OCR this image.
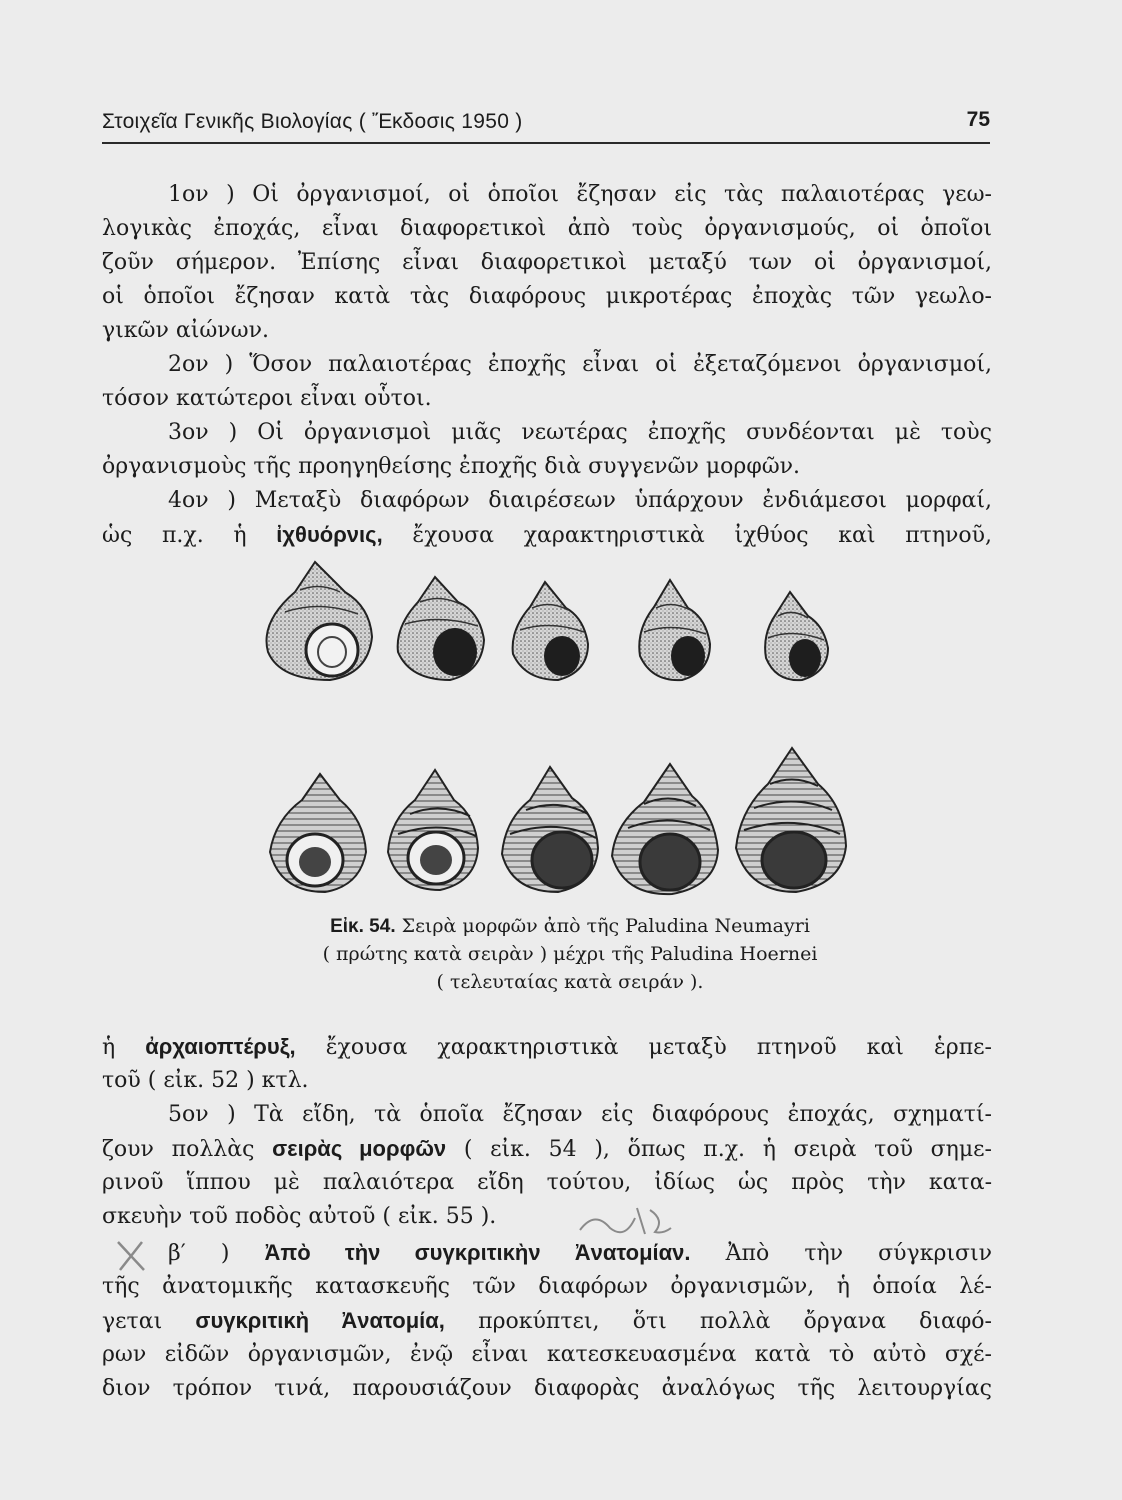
Στοιχεῖα Γενικῆς Βιολογίας ( Ἔκδοσις 1950 )	75
1ον ) Οἱ ὀργανισμοί, οἱ ὁποῖοι ἔζησαν εἰς τὰς παλαιοτέρας γεω-
λογικὰς ἐποχάς, εἶναι διαφορετικοὶ ἀπὸ τοὺς ὀργανισμούς, οἱ ὁποῖοι
ζοῦν σήμερον. Ἐπίσης εἶναι διαφορετικοὶ μεταξύ των οἱ ὀργανισμοί,
οἱ ὁποῖοι ἔζησαν κατὰ τὰς διαφόρους μικροτέρας ἐποχὰς τῶν γεωλο-
γικῶν αἰώνων.
2ον ) Ὅσον παλαιοτέρας ἐποχῆς εἶναι οἱ ἐξεταζόμενοι ὀργανισμοί,
τόσον κατώτεροι εἶναι οὗτοι.
3ον ) Οἱ ὀργανισμοὶ μιᾶς νεωτέρας ἐποχῆς συνδέονται μὲ τοὺς
ὀργανισμοὺς τῆς προηγηθείσης ἐποχῆς διὰ συγγενῶν μορφῶν.
4ον ) Μεταξὺ διαφόρων διαιρέσεων ὑπάρχουν ἐνδιάμεσοι μορφαί,
ὡς π.χ. ἡ ἰχθυόρνις, ἔχουσα χαρακτηριστικὰ ἰχθύος καὶ πτηνοῦ,
Εἰκ. 54. Σειρὰ μορφῶν ἀπὸ τῆς Paludina Neumayri
( πρώτης κατὰ σειρὰν ) μέχρι τῆς Paludina Hoernei
( τελευταίας κατὰ σειράν ).
ἡ ἀρχαιοπτέρυξ, ἔχουσα χαρακτηριστικὰ μεταξὺ πτηνοῦ καὶ ἑρπε-
τοῦ ( εἰκ. 52 ) κτλ.
5ον ) Τὰ εἴδη, τὰ ὁποῖα ἔζησαν εἰς διαφόρους ἐποχάς, σχηματί-
ζουν πολλὰς σειρὰς μορφῶν ( εἰκ. 54 ), ὅπως π.χ. ἡ σειρὰ τοῦ σημε-
ρινοῦ ἵππου μὲ παλαιότερα εἴδη τούτου, ἰδίως ὡς πρὸς τὴν κατα-
σκευὴν τοῦ ποδὸς αὐτοῦ ( εἰκ. 55 ).
β′ ) Ἀπὸ τὴν συγκριτικὴν Ἀνατομίαν. Ἀπὸ τὴν σύγκρισιν
τῆς ἀνατομικῆς κατασκευῆς τῶν διαφόρων ὀργανισμῶν, ἡ ὁποία λέ-
γεται συγκριτικὴ Ἀνατομία, προκύπτει, ὅτι πολλὰ ὄργανα διαφό-
ρων εἰδῶν ὀργανισμῶν, ἐνῷ εἶναι κατεσκευασμένα κατὰ τὸ αὐτὸ σχέ-
διον τρόπον τινά, παρουσιάζουν διαφορὰς ἀναλόγως τῆς λειτουργίας
